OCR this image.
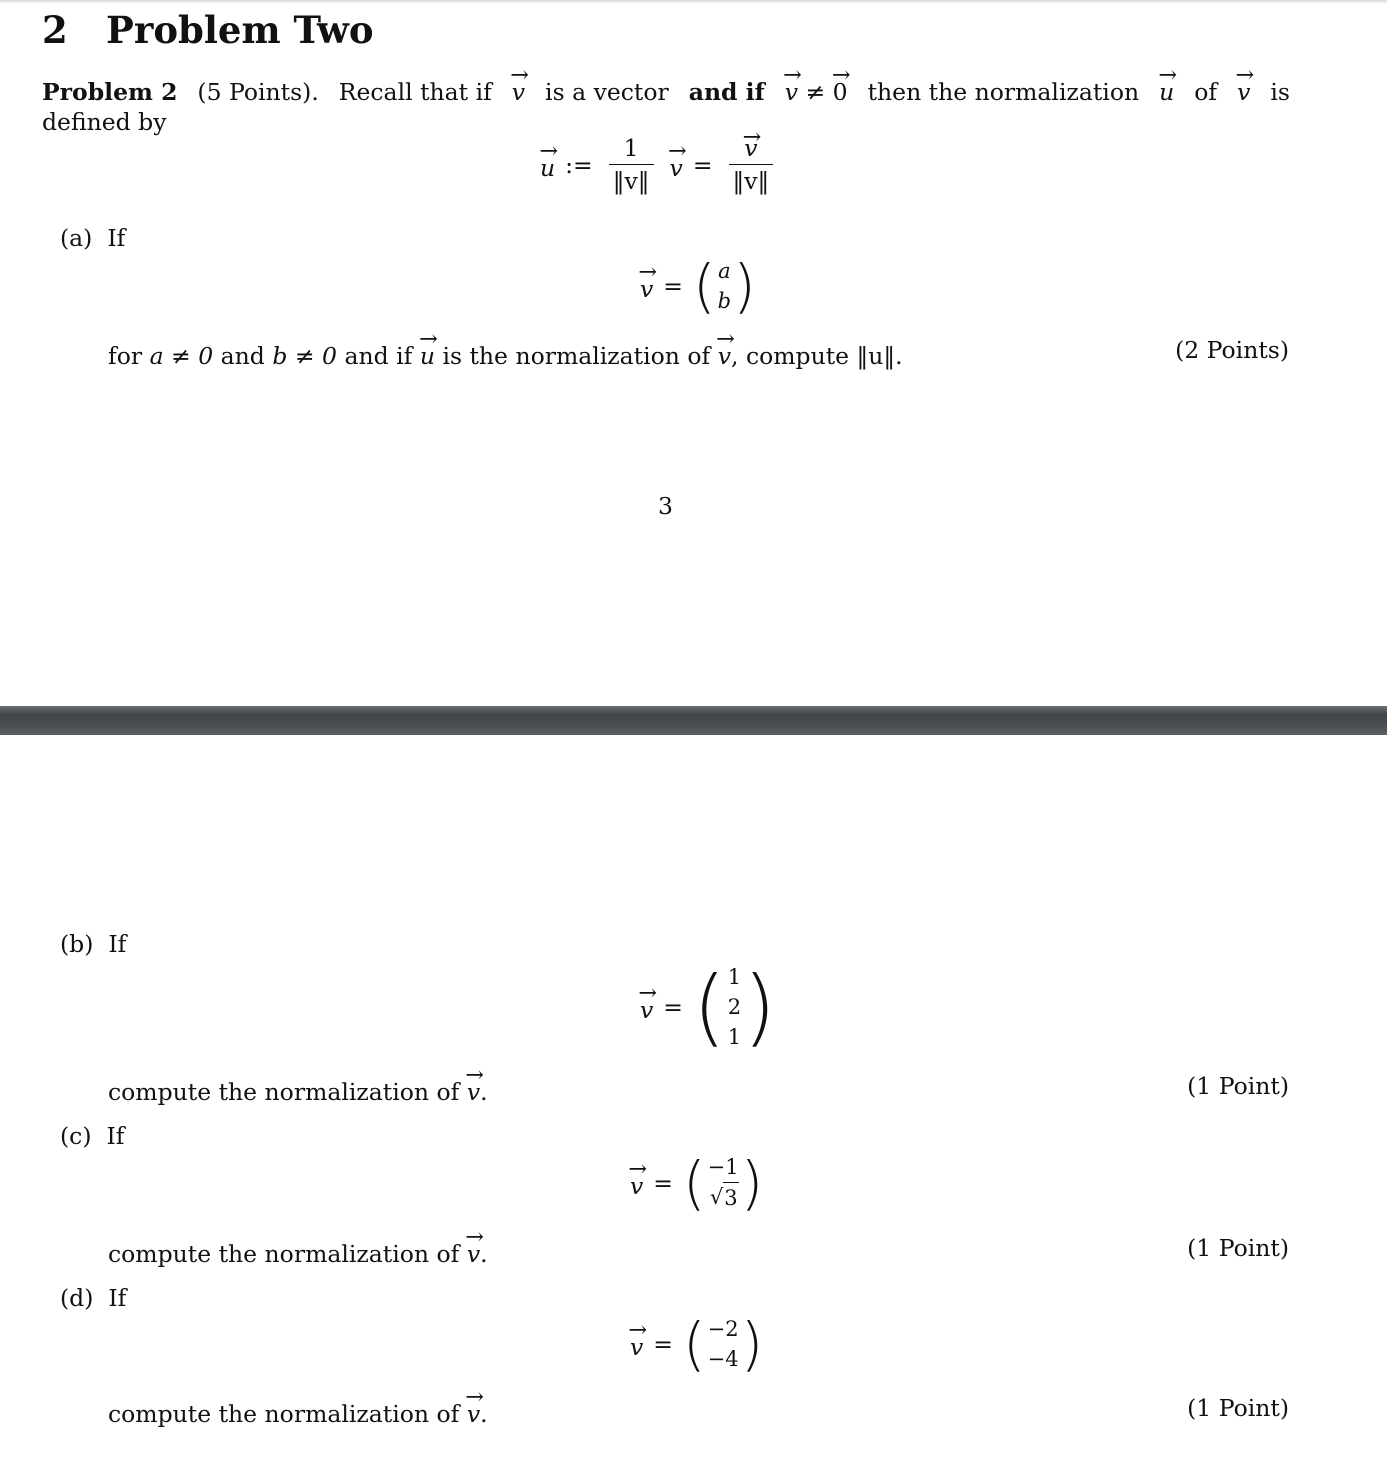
2 Problem Two
Problem 2 (5 Points). Recall that if
→ v is a vector and if
→ v
≠

→ 0 then the normalization
→ u of
→ v is
defined by
→ u := $\frac{1}{‖v‖}$
→ v =
→ $\frac{v}{‖v‖}$
(a) If
→ v = ( a
b )
for a ≠ 0 and b ≠ 0 and if → u is the normalization of → v, compute ‖u‖.	(2 Points)
3
(b) If
→ v = ( 1
2
1 )
compute the normalization of → v.	(1 Point)
(c) If
→ v = ( −1
√ 3 )
compute the normalization of → v.	(1 Point)
(d) If
→ v = ( −2
−4 )
compute the normalization of → v.	(1 Point)
